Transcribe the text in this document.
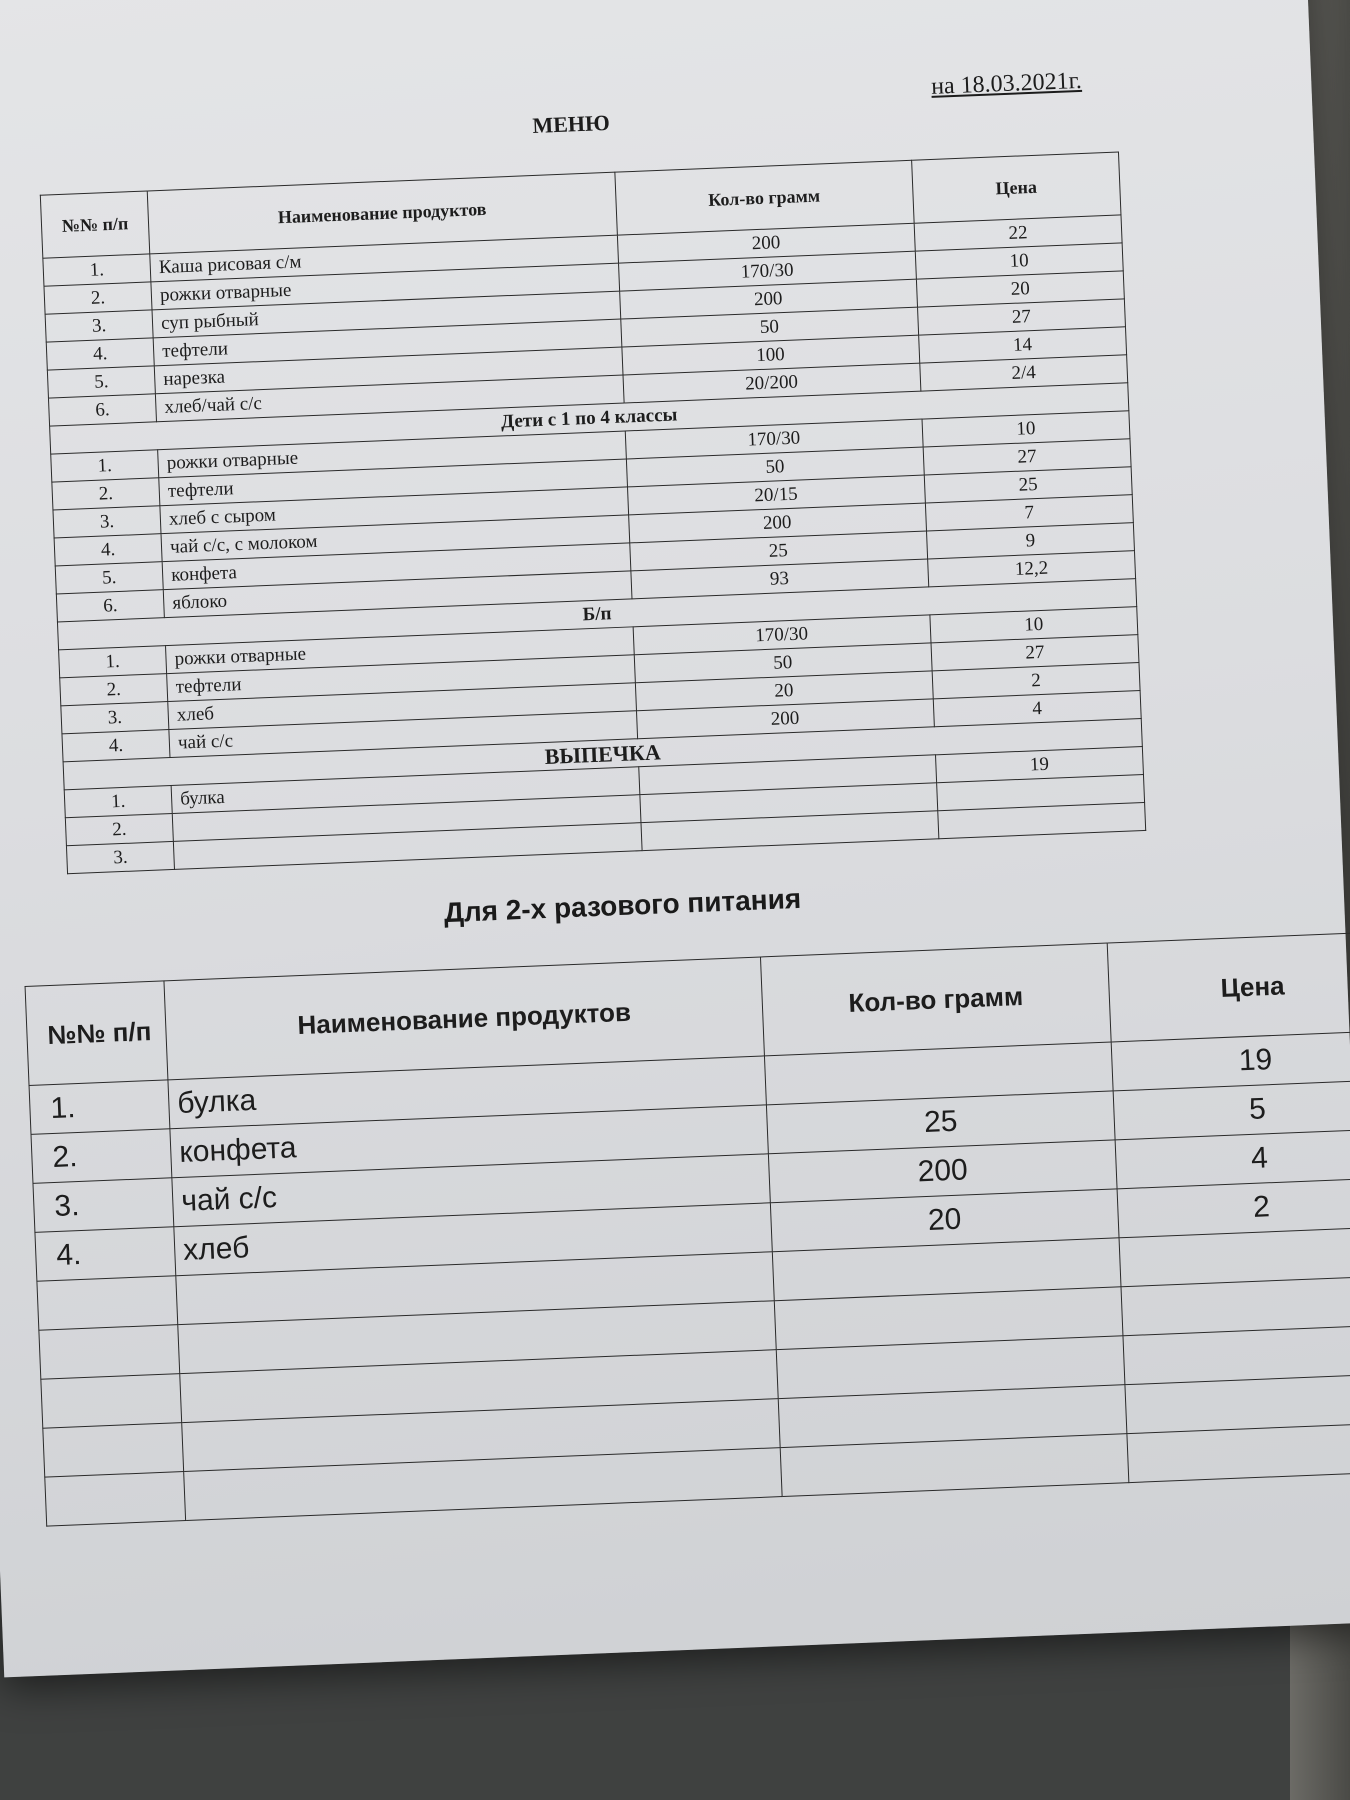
МЕНЮ
на 18.03.2021г.
№№ п/п	Наименование продуктов	Кол-во грамм	Цена
1.	Каша рисовая с/м	200	22
2.	рожки отварные	170/30	10
3.	суп рыбный	200	20
4.	тефтели	50	27
5.	нарезка	100	14
6.	хлеб/чай с/с	20/200	2/4
Дети с 1 по 4 классы			
1.	рожки отварные	170/30	10
2.	тефтели	50	27
3.	хлеб с сыром	20/15	25
4.	чай с/с, с молоком	200	7
5.	конфета	25	9
6.	яблоко	93	12,2
Б/п			
1.	рожки отварные	170/30	10
2.	тефтели	50	27
3.	хлеб	20	2
4.	чай с/с	200	4
ВЫПЕЧКА			
1.	булка		19
2.			
3.			
Для 2-х разового питания
№№ п/п	Наименование продуктов	Кол-во грамм	Цена
1.	булка		19
2.	конфета	25	5
3.	чай с/с	200	4
4.	хлеб	20	2
